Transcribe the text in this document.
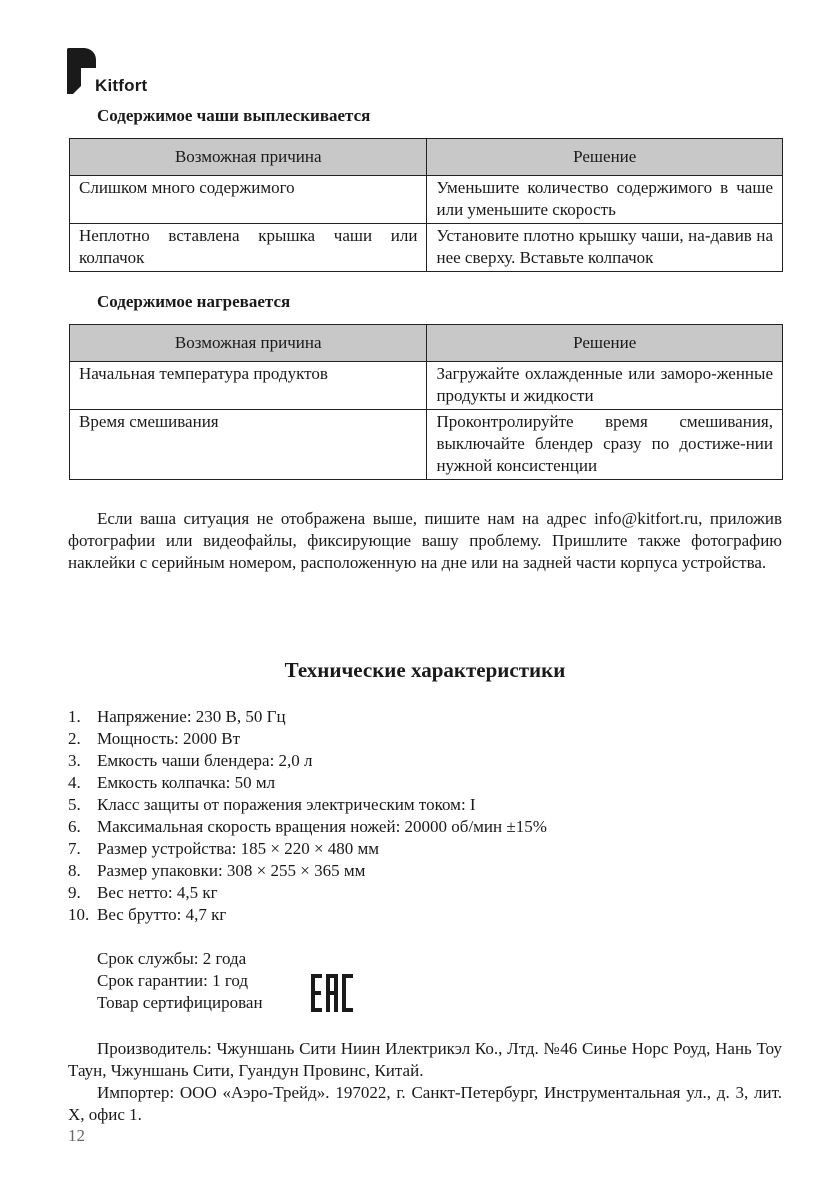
Kitfort
Содержимое чаши выплескивается
Возможная причина	Решение
Слишком много содержимого	Уменьшите количество содержимого в чаше или уменьшите скорость
Неплотно вставлена крышка чаши или колпачок	Установите плотно крышку чаши, на-давив на нее сверху. Вставьте колпачок
Содержимое нагревается
Возможная причина	Решение
Начальная температура продуктов	Загружайте охлажденные или заморо-женные продукты и жидкости
Время смешивания	Проконтролируйте время смешивания, выключайте блендер сразу по достиже-нии нужной консистенции

Если ваша ситуация не отображена выше, пишите нам на адрес info@kitfort.ru, приложив фотографии или видеофайлы, фиксирующие вашу проблему. Пришлите также фотографию наклейки с серийным номером, расположенную на дне или на задней части корпуса устройства.

Технические характеристики
1. Напряжение: 230 В, 50 Гц
2. Мощность: 2000 Вт
3. Емкость чаши блендера: 2,0 л
4. Емкость колпачка: 50 мл
5. Класс защиты от поражения электрическим током: I
6. Максимальная скорость вращения ножей: 20000 об/мин ±15%
7. Размер устройства: 185 × 220 × 480 мм
8. Размер упаковки: 308 × 255 × 365 мм
9. Вес нетто: 4,5 кг
10. Вес брутто: 4,7 кг
Срок службы: 2 года
Срок гарантии: 1 год
Товар сертифицирован

Производитель: Чжуншань Сити Ниин Илектрикэл Ко., Лтд. №46 Синье Норс Роуд, Нань Тоу Таун, Чжуншань Сити, Гуандун Провинс, Китай.

Импортер: ООО «Аэро-Трейд». 197022, г. Санкт-Петербург, Инструментальная ул., д. 3, лит. Х, офис 1.

12
